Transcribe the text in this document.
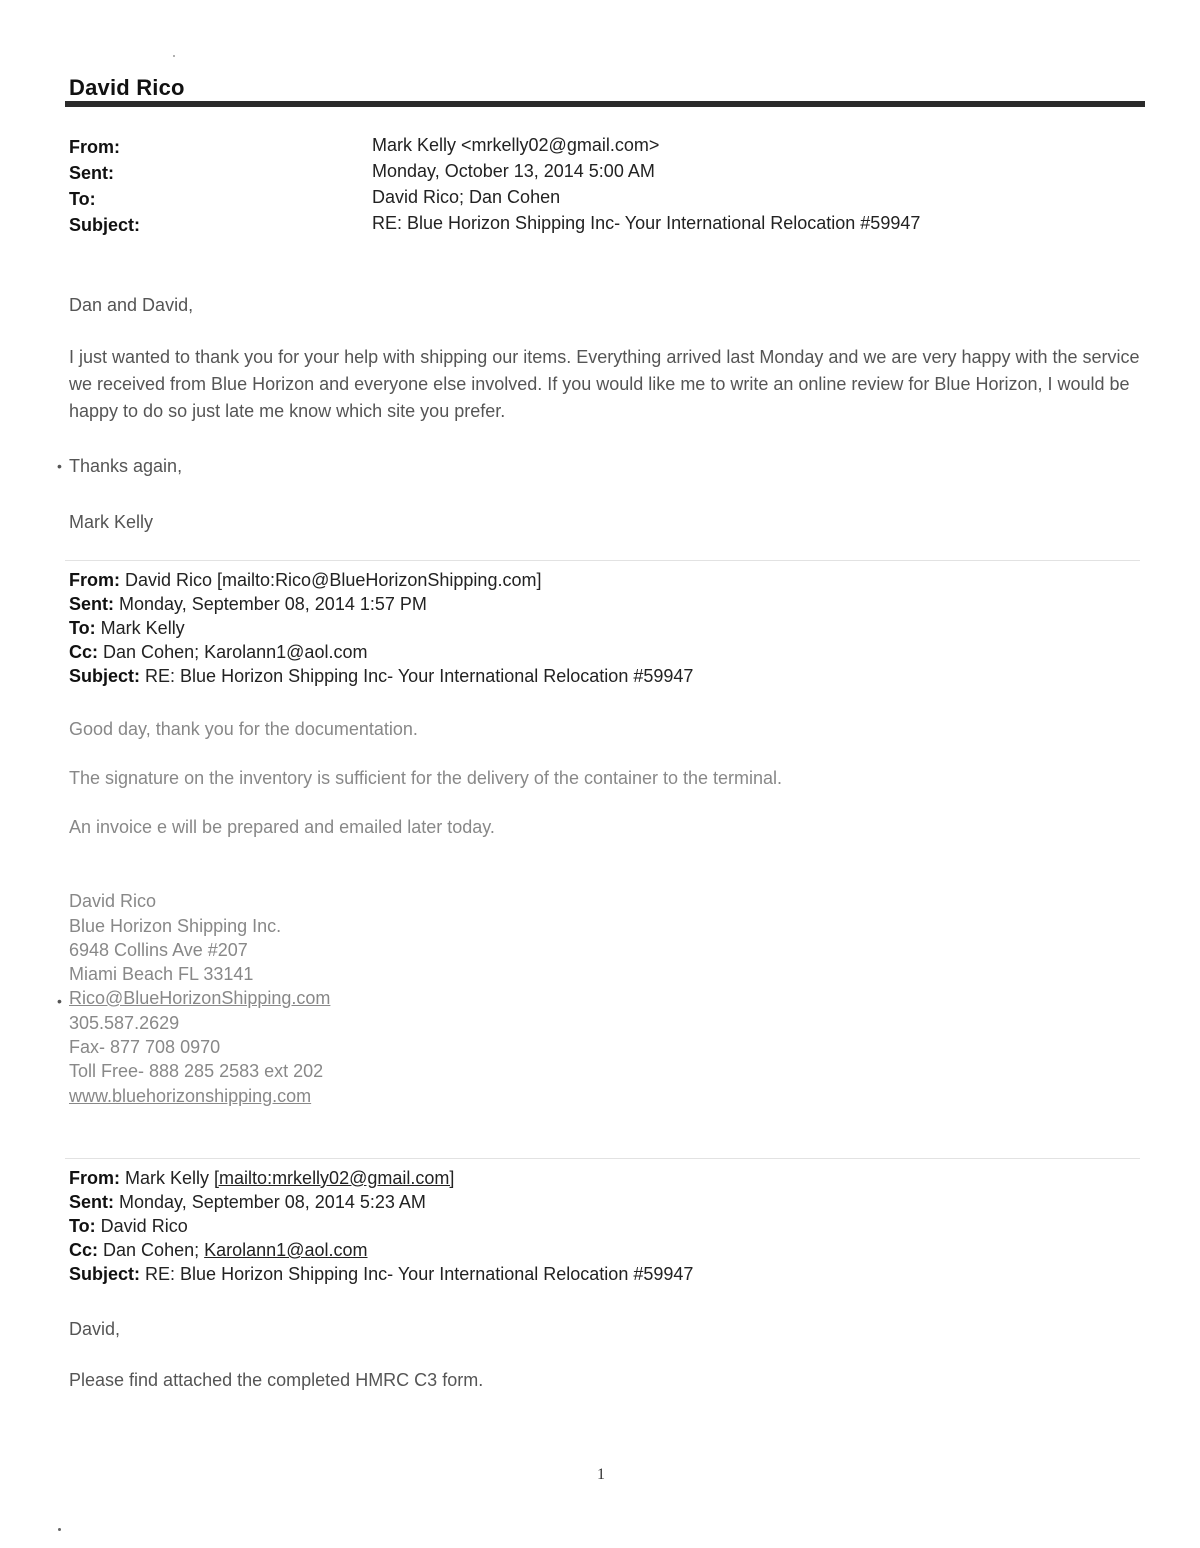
David Rico
From:	Mark Kelly <mrkelly02@gmail.com>
Sent:	Monday, October 13, 2014 5:00 AM
To:	David Rico; Dan Cohen
Subject:	RE: Blue Horizon Shipping Inc- Your International Relocation #59947
Dan and David,
I just wanted to thank you for your help with shipping our items. Everything arrived last Monday and we are very happy with the service we received from Blue Horizon and everyone else involved. If you would like me to write an online review for Blue Horizon, I would be happy to do so just late me know which site you prefer.
• Thanks again,
Mark Kelly
From: David Rico [mailto:Rico@BlueHorizonShipping.com]
Sent: Monday, September 08, 2014 1:57 PM
To: Mark Kelly
Cc: Dan Cohen; Karolann1@aol.com
Subject: RE: Blue Horizon Shipping Inc- Your International Relocation #59947
Good day, thank you for the documentation.
The signature on the inventory is sufficient for the delivery of the container to the terminal.
An invoice e will be prepared and emailed later today.
David Rico
Blue Horizon Shipping Inc.
6948 Collins Ave #207
Miami Beach FL 33141
• Rico@BlueHorizonShipping.com
305.587.2629
Fax- 877 708 0970
Toll Free- 888 285 2583 ext 202
www.bluehorizonshipping.com
From: Mark Kelly [mailto:mrkelly02@gmail.com]
Sent: Monday, September 08, 2014 5:23 AM
To: David Rico
Cc: Dan Cohen; Karolann1@aol.com
Subject: RE: Blue Horizon Shipping Inc- Your International Relocation #59947
David,
Please find attached the completed HMRC C3 form.
1
